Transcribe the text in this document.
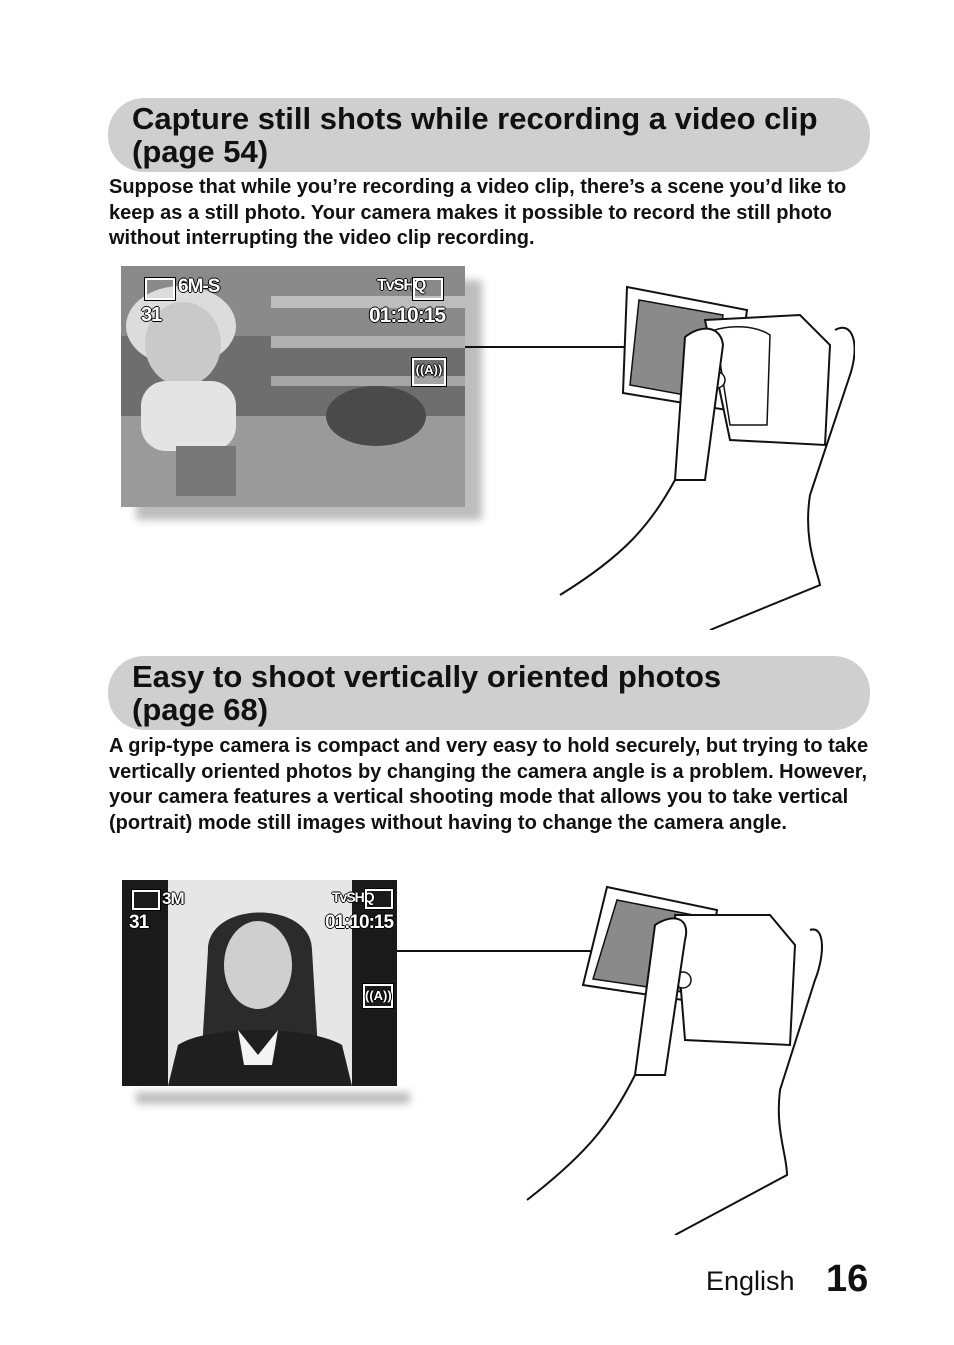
Capture still shots while recording a video clip (page 54)

Suppose that while you’re recording a video clip, there’s a scene you’d like to keep as a still photo. Your camera makes it possible to record the still photo without interrupting the video clip recording.

6M-S
31
TvSHQ
01:10:15
((A))
Easy to shoot vertically oriented photos (page 68)

A grip-type camera is compact and very easy to hold securely, but trying to take vertically oriented photos by changing the camera angle is a problem. However, your camera features a vertical shooting mode that allows you to take vertical (portrait) mode still images without having to change the camera angle.

3M
31
TvSHQ
01:10:15
((A))
English 16
